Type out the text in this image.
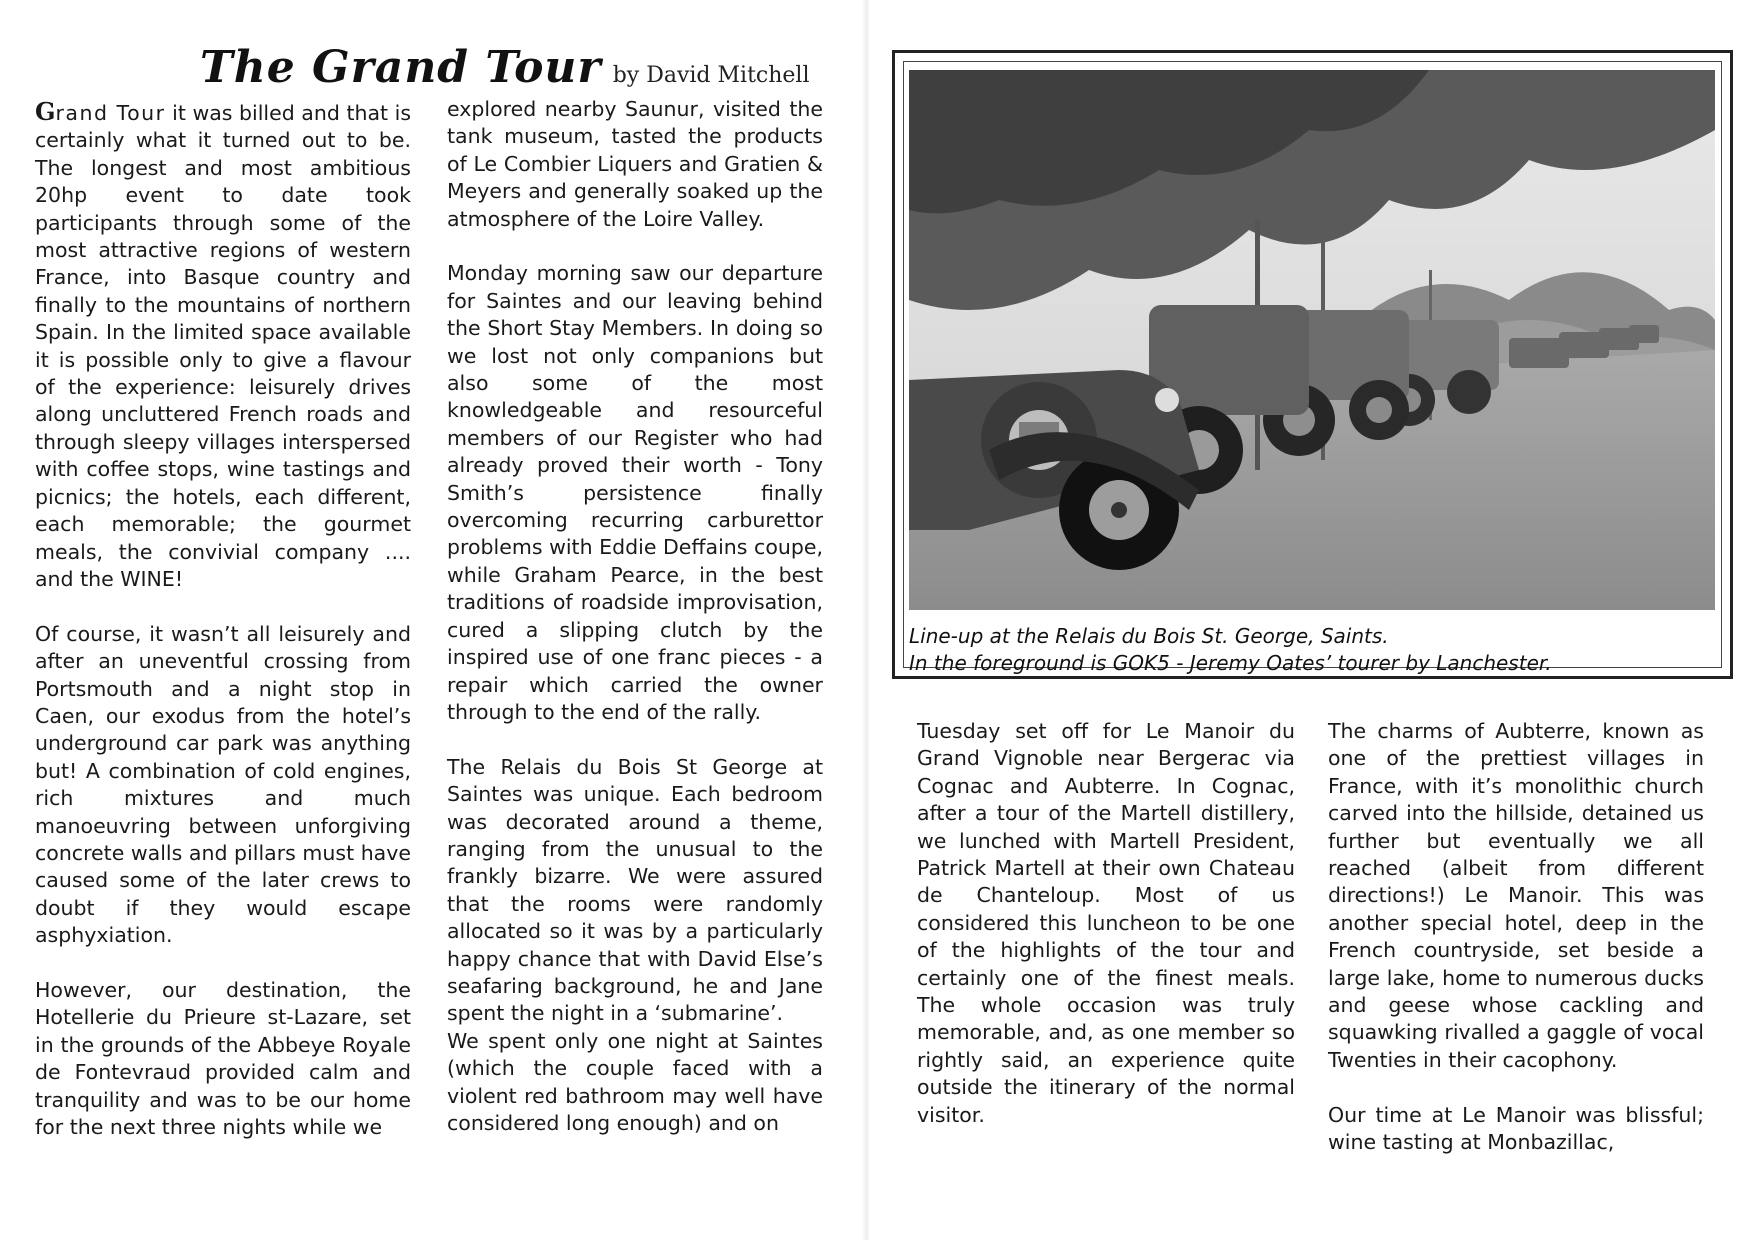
The Grand Tour by David Mitchell

Grand Tour it was billed and that is certainly what it turned out to be. The longest and most ambitious 20hp event to date took participants through some of the most attractive regions of western France, into Basque country and finally to the mountains of northern Spain. In the limited space available it is possible only to give a flavour of the experience: leisurely drives along uncluttered French roads and through sleepy villages interspersed with coffee stops, wine tastings and picnics; the hotels, each different, each memorable; the gourmet meals, the convivial company .... and the WINE!

Of course, it wasn’t all leisurely and after an uneventful crossing from Portsmouth and a night stop in Caen, our exodus from the hotel’s underground car park was anything but! A combination of cold engines, rich mixtures and much manoeuvring between unforgiving concrete walls and pillars must have caused some of the later crews to doubt if they would escape asphyxiation.

However, our destination, the Hotellerie du Prieure st-Lazare, set in the grounds of the Abbeye Royale de Fontevraud provided calm and tranquility and was to be our home for the next three nights while we

explored nearby Saunur, visited the tank museum, tasted the products of Le Combier Liquers and Gratien & Meyers and generally soaked up the atmosphere of the Loire Valley.

Monday morning saw our departure for Saintes and our leaving behind the Short Stay Members. In doing so we lost not only companions but also some of the most knowledgeable and resourceful members of our Register who had already proved their worth - Tony Smith’s persistence finally overcoming recurring carburettor problems with Eddie Deffains coupe, while Graham Pearce, in the best traditions of roadside improvisation, cured a slipping clutch by the inspired use of one franc pieces - a repair which carried the owner through to the end of the rally.

The Relais du Bois St George at Saintes was unique. Each bedroom was decorated around a theme, ranging from the unusual to the frankly bizarre. We were assured that the rooms were randomly allocated so it was by a particularly happy chance that with David Else’s seafaring background, he and Jane spent the night in a ‘submarine’.

We spent only one night at Saintes (which the couple faced with a violent red bathroom may well have considered long enough) and on

Line-up at the Relais du Bois St. George, Saints.
In the foreground is GOK5 - Jeremy Oates’ tourer by Lanchester.

Tuesday set off for Le Manoir du Grand Vignoble near Bergerac via Cognac and Aubterre. In Cognac, after a tour of the Martell distillery, we lunched with Martell President, Patrick Martell at their own Chateau de Chanteloup. Most of us considered this luncheon to be one of the highlights of the tour and certainly one of the finest meals. The whole occasion was truly memorable, and, as one member so rightly said, an experience quite outside the itinerary of the normal visitor.

The charms of Aubterre, known as one of the prettiest villages in France, with it’s monolithic church carved into the hillside, detained us further but eventually we all reached (albeit from different directions!) Le Manoir. This was another special hotel, deep in the French countryside, set beside a large lake, home to numerous ducks and geese whose cackling and squawking rivalled a gaggle of vocal Twenties in their cacophony.

Our time at Le Manoir was blissful; wine tasting at Monbazillac,
